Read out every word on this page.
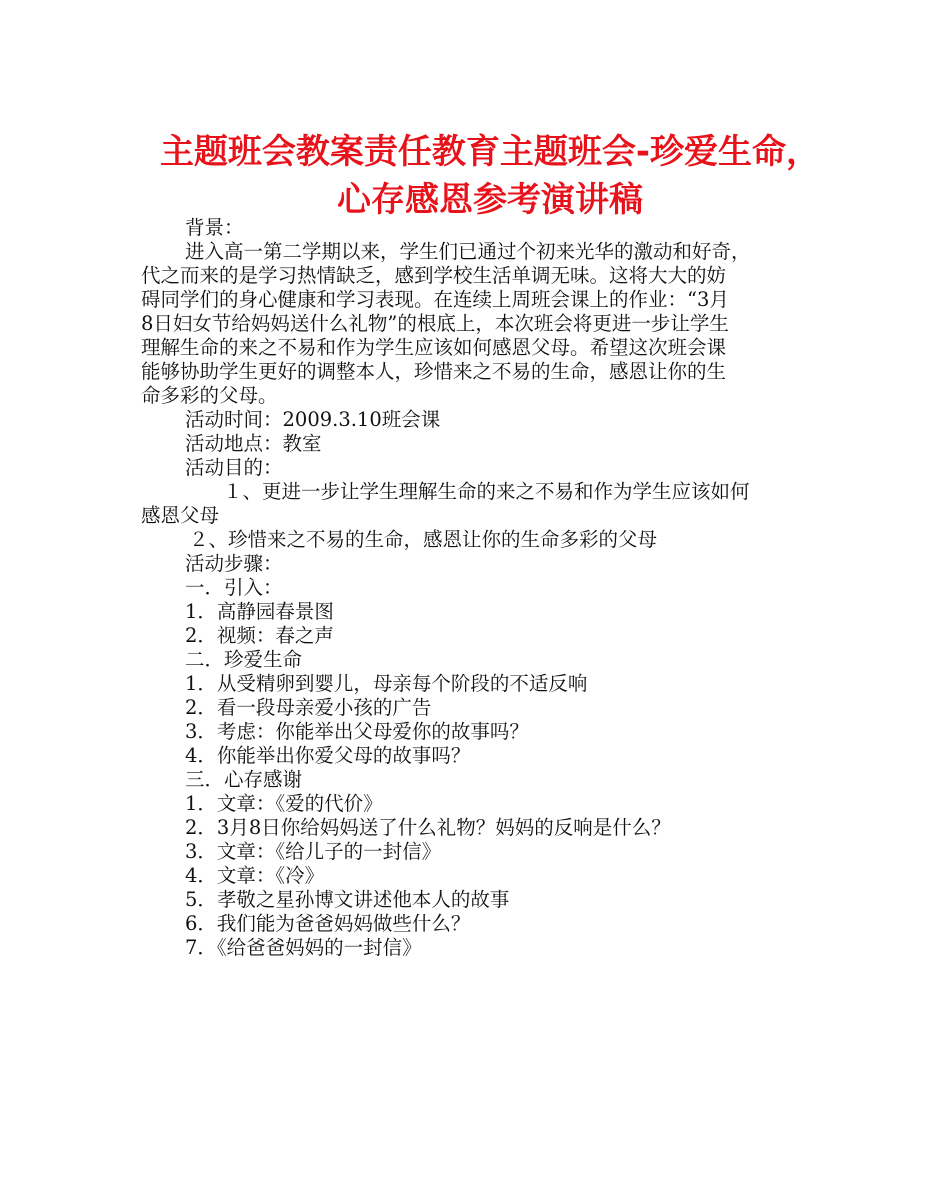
主题班会教案责任教育主题班会-珍爱生命，
心存感恩参考演讲稿

背景：

进入高一第二学期以来，学生们已通过个初来光华的激动和好奇，

代之而来的是学习热情缺乏，感到学校生活单调无味。这将大大的妨

碍同学们的身心健康和学习表现。在连续上周班会课上的作业：“3月

8日妇女节给妈妈送什么礼物”的根底上，本次班会将更进一步让学生

理解生命的来之不易和作为学生应该如何感恩父母。希望这次班会课

能够协助学生更好的调整本人，珍惜来之不易的生命，感恩让你的生

命多彩的父母。

活动时间：2009.3.10班会课

活动地点：教室

活动目的：

１、更进一步让学生理解生命的来之不易和作为学生应该如何

感恩父母

２、珍惜来之不易的生命，感恩让你的生命多彩的父母

活动步骤：

一．引入：

1．高静园春景图

2．视频：春之声

二．珍爱生命

1．从受精卵到婴儿，母亲每个阶段的不适反响

2．看一段母亲爱小孩的广告

3．考虑：你能举出父母爱你的故事吗？

4．你能举出你爱父母的故事吗？

三．心存感谢

1．文章：《爱的代价》

2．3月8日你给妈妈送了什么礼物？妈妈的反响是什么？

3．文章：《给儿子的一封信》

4．文章：《冷》

5．孝敬之星孙博文讲述他本人的故事

6．我们能为爸爸妈妈做些什么？

7．《给爸爸妈妈的一封信》
